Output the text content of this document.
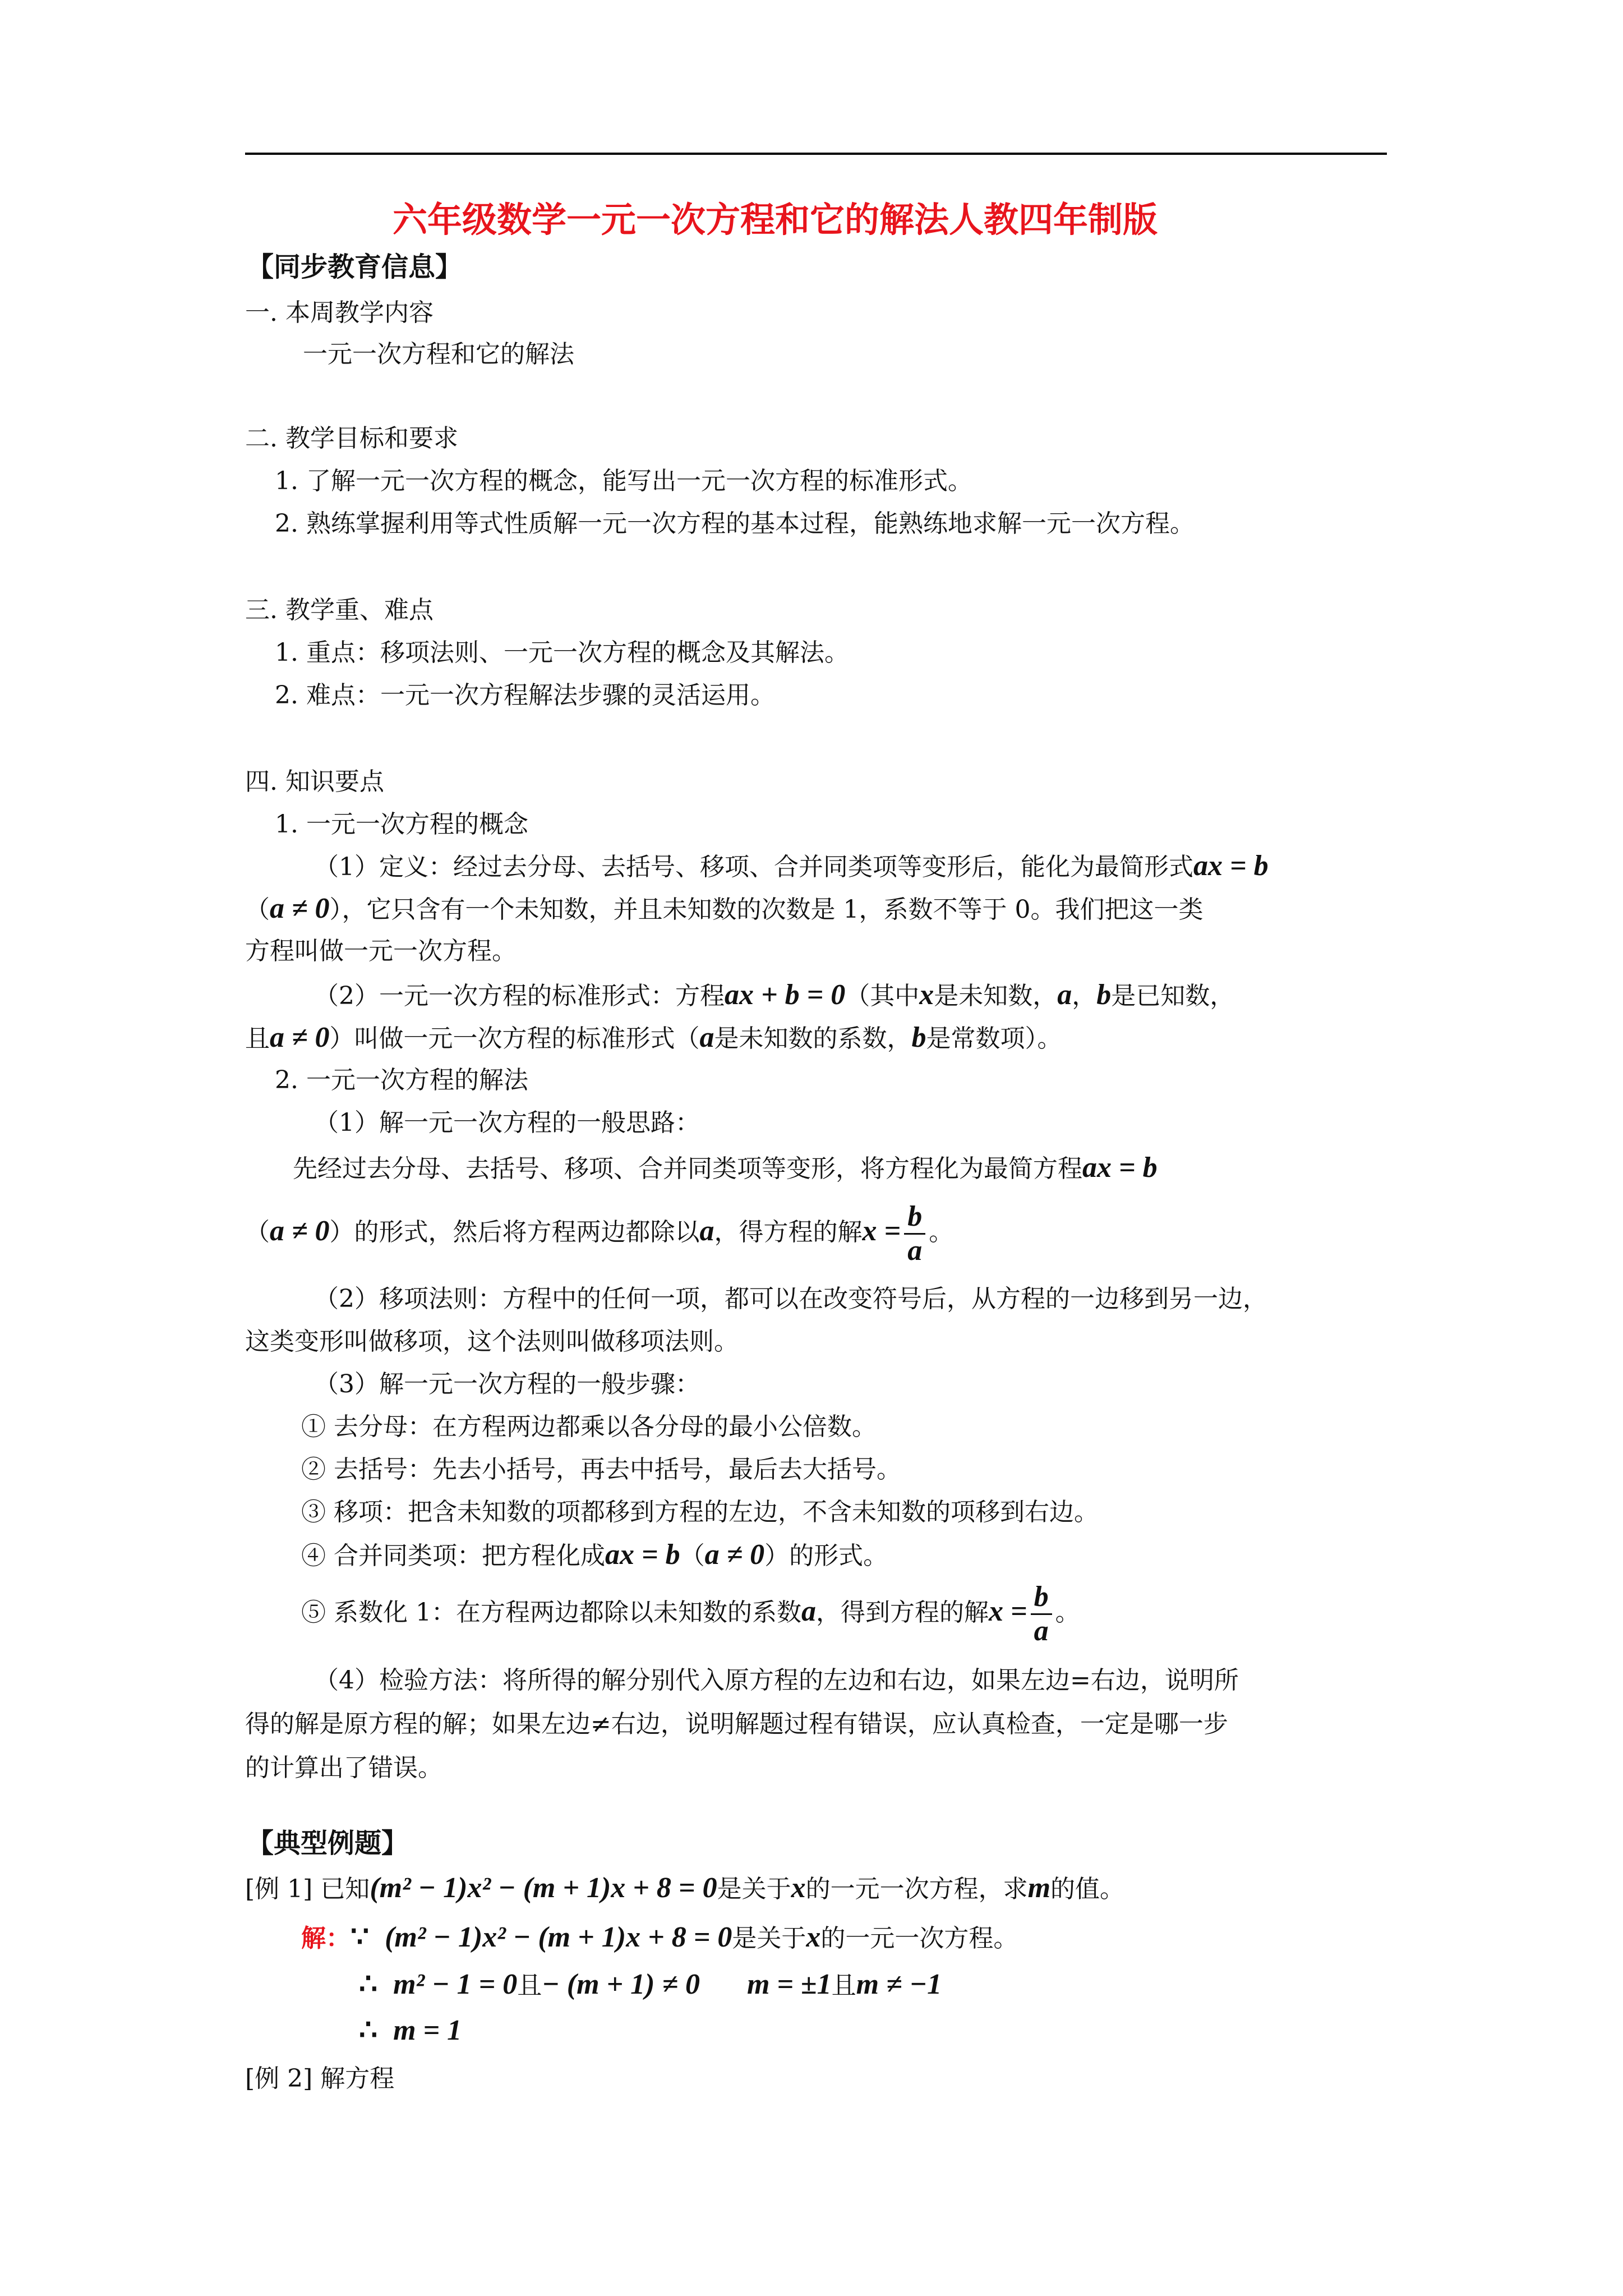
六年级数学一元一次方程和它的解法人教四年制版
【同步教育信息】
一. 本周教学内容
一元一次方程和它的解法
二. 教学目标和要求
1. 了解一元一次方程的概念，能写出一元一次方程的标准形式。
2. 熟练掌握利用等式性质解一元一次方程的基本过程，能熟练地求解一元一次方程。
三. 教学重、难点
1. 重点：移项法则、一元一次方程的概念及其解法。
2. 难点：一元一次方程解法步骤的灵活运用。
四. 知识要点
1. 一元一次方程的概念
（1）定义：经过去分母、去括号、移项、合并同类项等变形后，能化为最简形式ax = b
（a ≠ 0），它只含有一个未知数，并且未知数的次数是 1，系数不等于 0。我们把这一类
方程叫做一元一次方程。
（2）一元一次方程的标准形式：方程ax + b = 0（其中x是未知数，a，b是已知数，
且a ≠ 0）叫做一元一次方程的标准形式（a是未知数的系数，b是常数项）。
2. 一元一次方程的解法
（1）解一元一次方程的一般思路：
先经过去分母、去括号、移项、合并同类项等变形，将方程化为最简方程ax = b
（a ≠ 0）的形式，然后将方程两边都除以a，得方程的解$x = \frac{b}{a}$ 。
（2）移项法则：方程中的任何一项，都可以在改变符号后，从方程的一边移到另一边，
这类变形叫做移项，这个法则叫做移项法则。
（3）解一元一次方程的一般步骤：
① 去分母：在方程两边都乘以各分母的最小公倍数。
② 去括号：先去小括号，再去中括号，最后去大括号。
③ 移项：把含未知数的项都移到方程的左边，不含未知数的项移到右边。
④ 合并同类项：把方程化成ax = b（a ≠ 0）的形式。
⑤ 系数化 1：在方程两边都除以未知数的系数a，得到方程的解$x = \frac{b}{a}$ 。
（4）检验方法：将所得的解分别代入原方程的左边和右边，如果左边=右边，说明所
得的解是原方程的解；如果左边≠右边，说明解题过程有错误，应认真检查，一定是哪一步
的计算出了错误。
【典型例题】
[例 1] 已知(m² − 1)x² − (m + 1)x + 8 = 0是关于x的一元一次方程，求m的值。
解：∵ (m² − 1)x² − (m + 1)x + 8 = 0是关于x的一元一次方程。
∴ m² − 1 = 0且− (m + 1) ≠ 0 m = ±1且m ≠ −1
∴ m = 1
[例 2] 解方程
